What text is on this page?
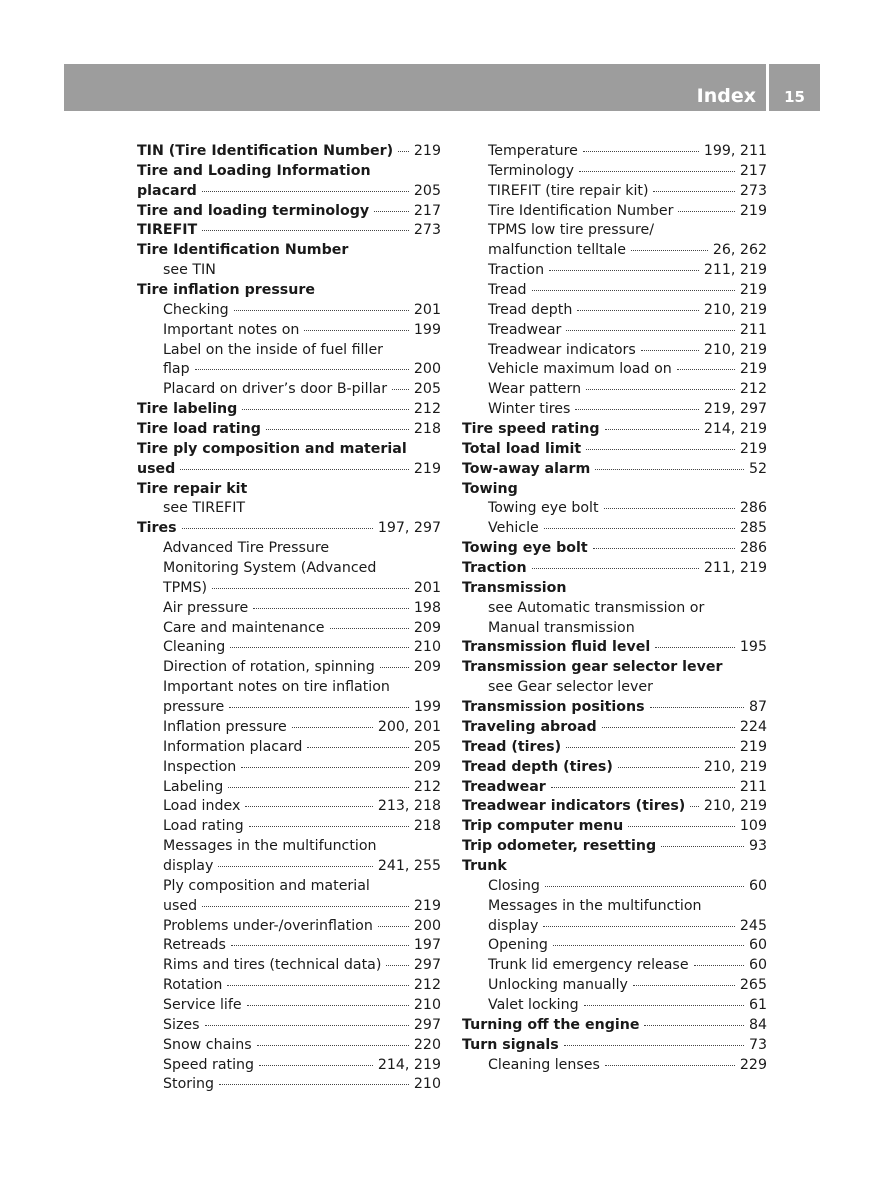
Index	15
TIN (Tire Identification Number) 219
Tire and Loading Information
placard	205
Tire and loading terminology	217
TIREFIT	273
Tire Identification Number
see TIN
Tire inflation pressure
Checking	201
Important notes on	199
Label on the inside of fuel filler
flap	200
Placard on driver’s door B-pillar 205
Tire labeling	212
Tire load rating	218
Tire ply composition and material
used	219
Tire repair kit
see TIREFIT
Tires	197, 297
Advanced Tire Pressure
Monitoring System (Advanced
TPMS)	201
Air pressure	198
Care and maintenance	209
Cleaning	210
Direction of rotation, spinning	209
Important notes on tire inflation
pressure	199
Inflation pressure	200, 201
Information placard	205
Inspection	209
Labeling	212
Load index	213, 218
Load rating	218
Messages in the multifunction
display	241, 255
Ply composition and material
used	219
Problems under-/overinflation	200
Retreads	197
Rims and tires (technical data) 297
Rotation	212
Service life	210
Sizes	297
Snow chains	220
Speed rating	214, 219
Storing	210
Temperature	199, 211
Terminology	217
TIREFIT (tire repair kit)	273
Tire Identification Number	219
TPMS low tire pressure/
malfunction telltale	26, 262
Traction	211, 219
Tread	219
Tread depth	210, 219
Treadwear	211
Treadwear indicators	210, 219
Vehicle maximum load on	219
Wear pattern	212
Winter tires	219, 297
Tire speed rating	214, 219
Total load limit	219
Tow-away alarm	52
Towing
Towing eye bolt	286
Vehicle	285
Towing eye bolt	286
Traction	211, 219
Transmission
see Automatic transmission or
Manual transmission
Transmission fluid level	195
Transmission gear selector lever
see Gear selector lever
Transmission positions	87
Traveling abroad	224
Tread (tires)	219
Tread depth (tires)	210, 219
Treadwear	211
Treadwear indicators (tires) 210, 219
Trip computer menu	109
Trip odometer, resetting	93
Trunk
Closing	60
Messages in the multifunction
display	245
Opening	60
Trunk lid emergency release	60
Unlocking manually	265
Valet locking	61
Turning off the engine	84
Turn signals	73
Cleaning lenses	229
